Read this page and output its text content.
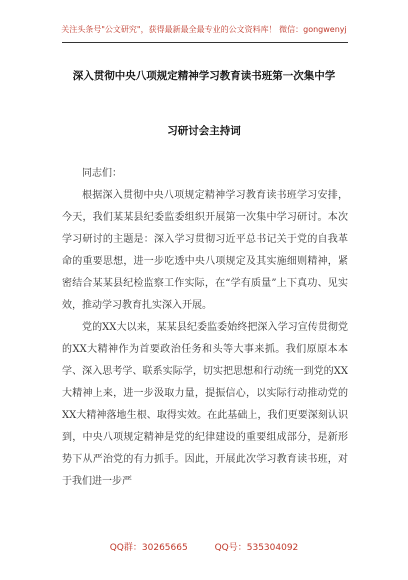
关注头条号"公文研究"，获得最新最全最专业的公文资料库！ 微信：gongwenyj
深入贯彻中央八项规定精神学习教育读书班第一次集中学
习研讨会主持词

同志们：

根据深入贯彻中央八项规定精神学习教育读书班学习安排，今天，我们某某县纪委监委组织开展第一次集中学习研讨。本次学习研讨的主题是：深入学习贯彻习近平总书记关于党的自我革命的重要思想，进一步吃透中央八项规定及其实施细则精神，紧密结合某某县纪检监察工作实际，在“学有质量”上下真功、见实效，推动学习教育扎实深入开展。

党的XX大以来，某某县纪委监委始终把深入学习宣传贯彻党的XX大精神作为首要政治任务和头等大事来抓。我们原原本本学、深入思考学、联系实际学，切实把思想和行动统一到党的XX大精神上来，进一步汲取力量，提振信心，以实际行动推动党的XX大精神落地生根、取得实效。在此基础上，我们更要深刻认识到，中央八项规定精神是党的纪律建设的重要组成部分，是新形势下从严治党的有力抓手。因此，开展此次学习教育读书班，对于我们进一步严

QQ群：30265665	QQ号：535304092
